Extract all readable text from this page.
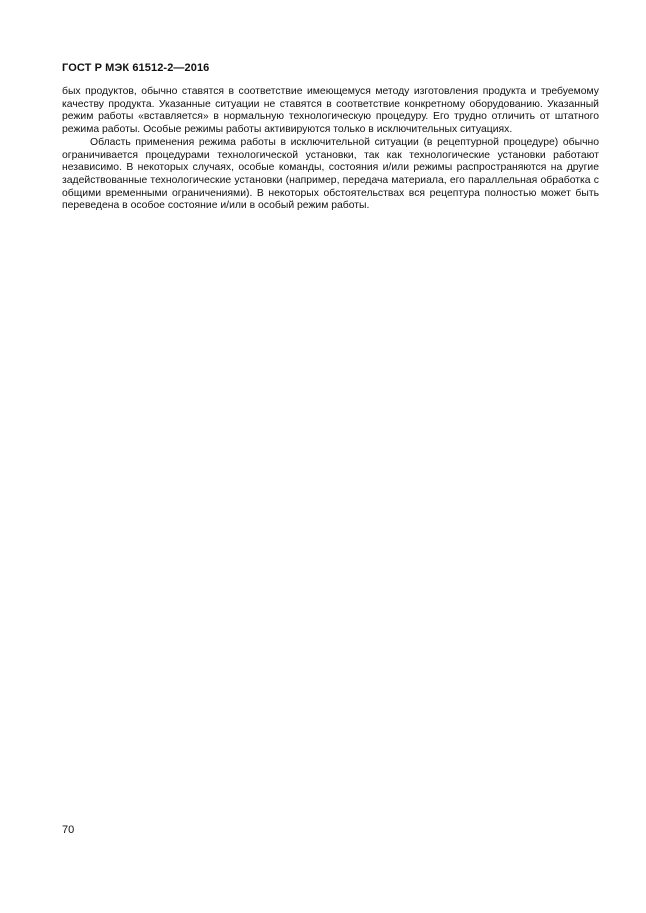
ГОСТ Р МЭК 61512-2—2016

бых продуктов, обычно ставятся в соответствие имеющемуся методу изготовления продукта и требуемому качеству продукта. Указанные ситуации не ставятся в соответствие конкретному оборудованию. Указанный режим работы «вставляется» в нормальную технологическую процедуру. Его трудно отличить от штатного режима работы. Особые режимы работы активируются только в исключительных ситуациях.

Область применения режима работы в исключительной ситуации (в рецептурной процедуре) обычно ограничивается процедурами технологической установки, так как технологические установки работают независимо. В некоторых случаях, особые команды, состояния и/или режимы распространяются на другие задействованные технологические установки (например, передача материала, его параллельная обработка с общими временными ограничениями). В некоторых обстоятельствах вся рецептура полностью может быть переведена в особое состояние и/или в особый режим работы.

70
